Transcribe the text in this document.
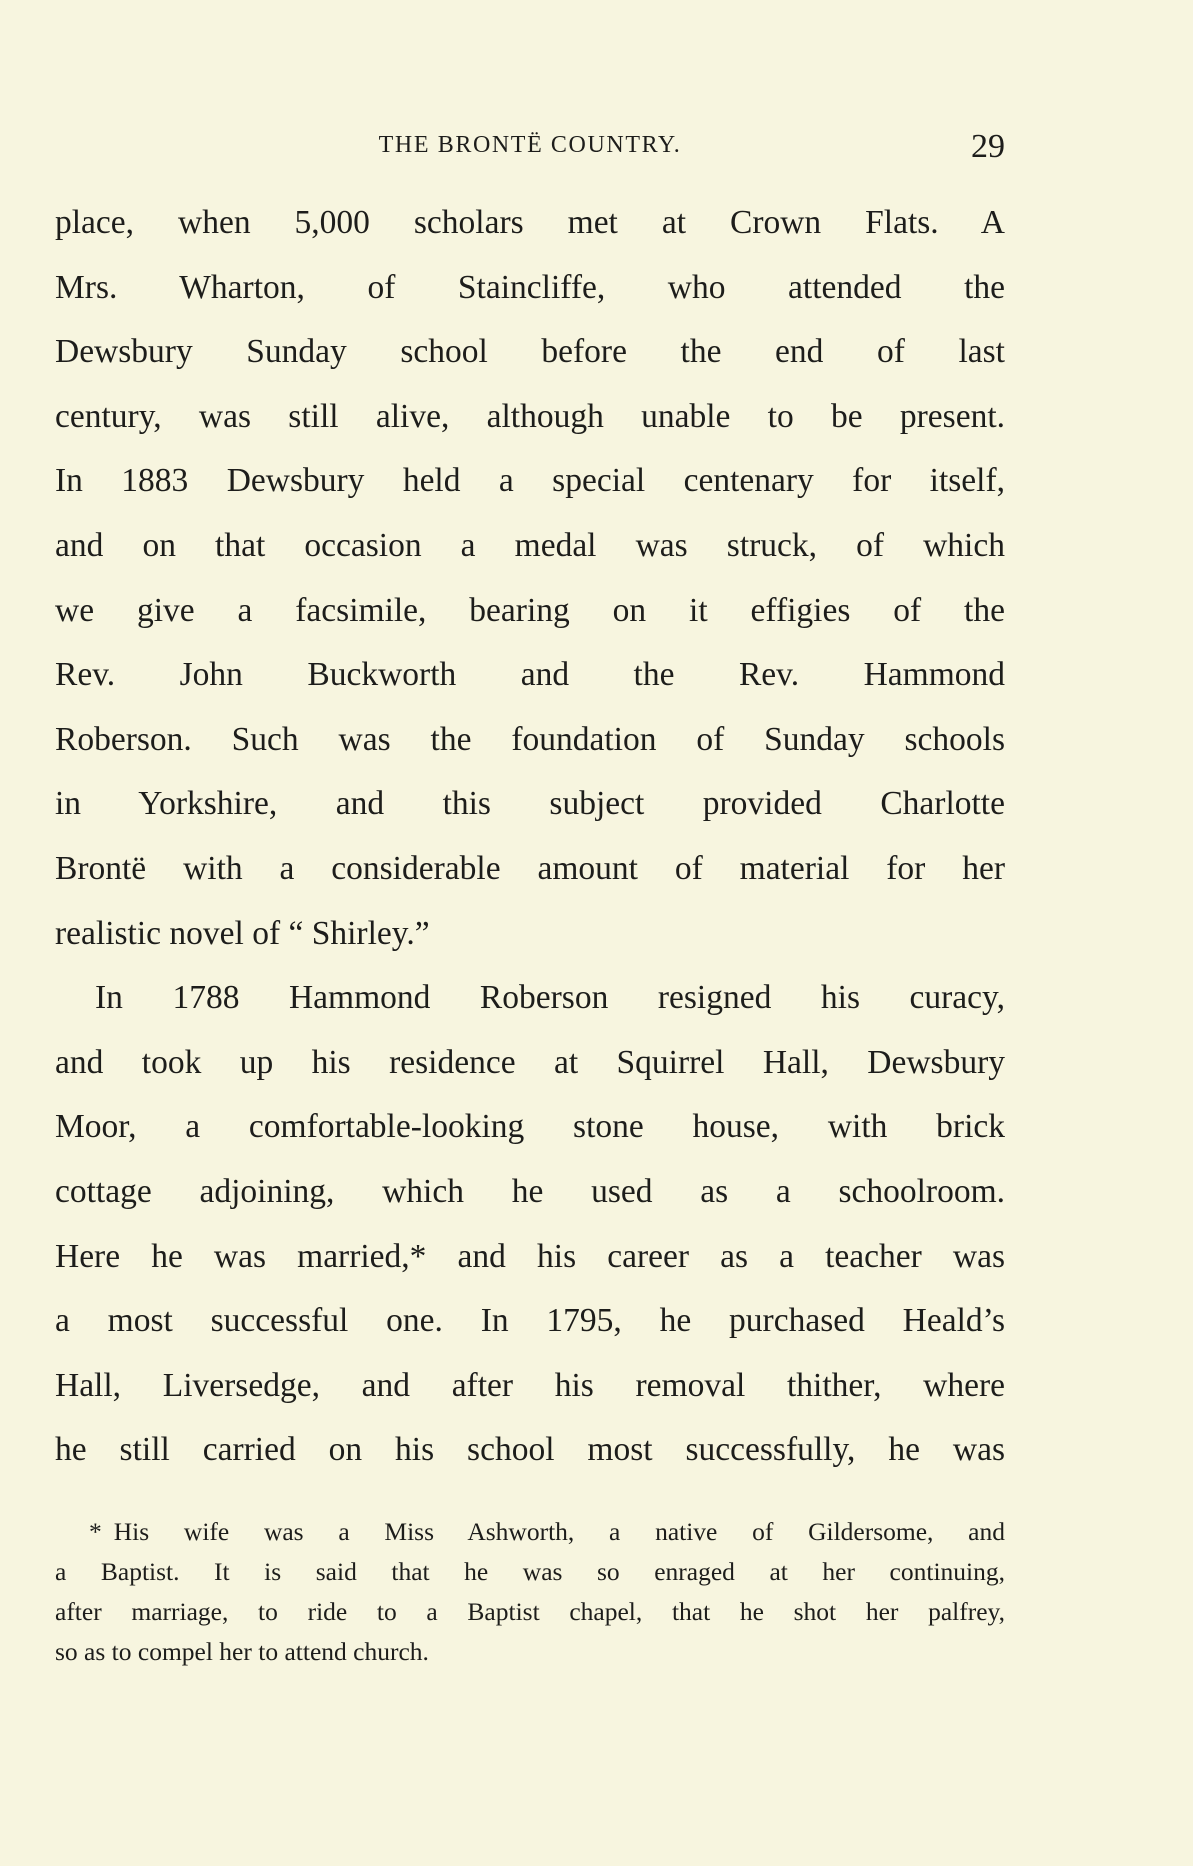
THE BRONTË COUNTRY.	29
place, when 5,000 scholars met at Crown Flats. A
Mrs. Wharton, of Staincliffe, who attended the
Dewsbury Sunday school before the end of last
century, was still alive, although unable to be present.
In 1883 Dewsbury held a special centenary for itself,
and on that occasion a medal was struck, of which
we give a facsimile, bearing on it effigies of the
Rev. John Buckworth and the Rev. Hammond
Roberson. Such was the foundation of Sunday schools
in Yorkshire, and this subject provided Charlotte
Brontë with a considerable amount of material for her
realistic novel of “ Shirley.”
In 1788 Hammond Roberson resigned his curacy,
and took up his residence at Squirrel Hall, Dewsbury
Moor, a comfortable-looking stone house, with brick
cottage adjoining, which he used as a schoolroom.
Here he was married,* and his career as a teacher was
a most successful one. In 1795, he purchased Heald’s
Hall, Liversedge, and after his removal thither, where
he still carried on his school most successfully, he was
* His wife was a Miss Ashworth, a native of Gildersome, and
a Baptist. It is said that he was so enraged at her continuing,
after marriage, to ride to a Baptist chapel, that he shot her palfrey,
so as to compel her to attend church.
